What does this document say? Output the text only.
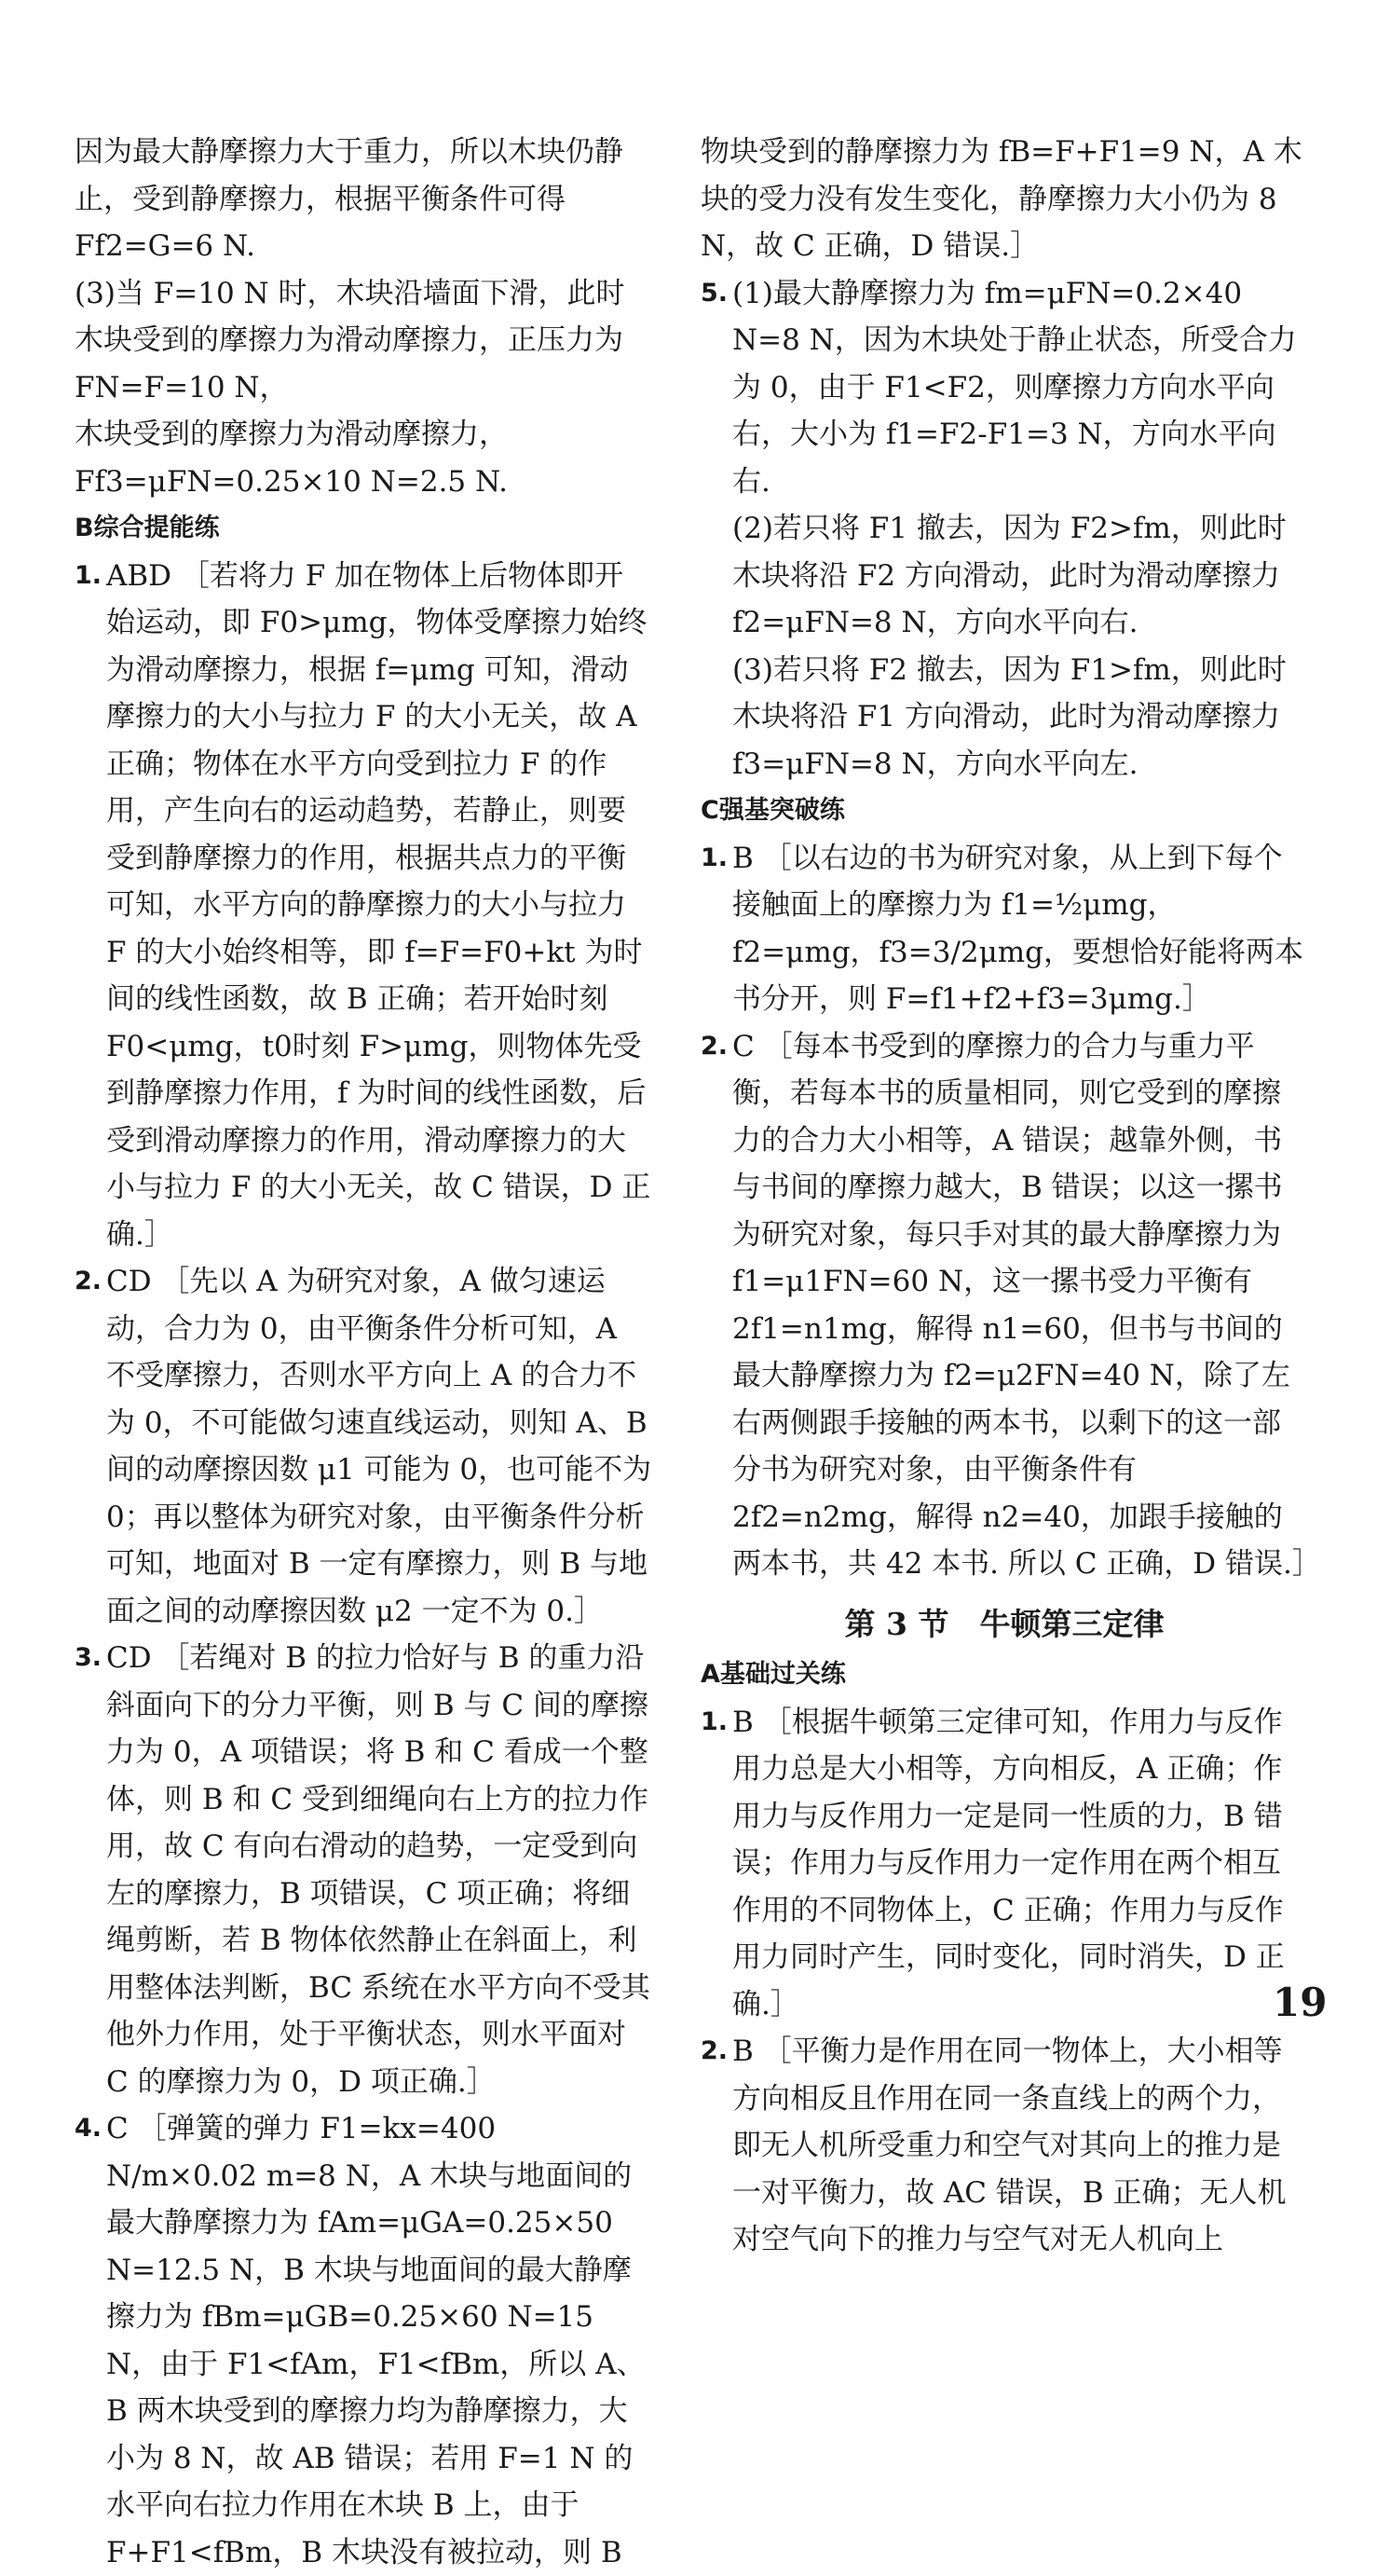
因为最大静摩擦力大于重力，所以木块仍静止，受到静摩擦力，根据平衡条件可得 Ff2=G=6 N.
(3)当 F=10 N 时，木块沿墙面下滑，此时木块受到的摩擦力为滑动摩擦力，正压力为 FN=F=10 N，
木块受到的摩擦力为滑动摩擦力，
Ff3=μFN=0.25×10 N=2.5 N.
B综合提能练
1. ABD ［若将力 F 加在物体上后物体即开始运动，即 F0>μmg，物体受摩擦力始终为滑动摩擦力，根据 f=μmg 可知，滑动摩擦力的大小与拉力 F 的大小无关，故 A 正确；物体在水平方向受到拉力 F 的作用，产生向右的运动趋势，若静止，则要受到静摩擦力的作用，根据共点力的平衡可知，水平方向的静摩擦力的大小与拉力 F 的大小始终相等，即 f=F=F0+kt 为时间的线性函数，故 B 正确；若开始时刻 F0<μmg，t0时刻 F>μmg，则物体先受到静摩擦力作用，f 为时间的线性函数，后受到滑动摩擦力的作用，滑动摩擦力的大小与拉力 F 的大小无关，故 C 错误，D 正确.］
2. CD ［先以 A 为研究对象，A 做匀速运动，合力为 0，由平衡条件分析可知，A 不受摩擦力，否则水平方向上 A 的合力不为 0，不可能做匀速直线运动，则知 A、B 间的动摩擦因数 μ1 可能为 0，也可能不为 0；再以整体为研究对象，由平衡条件分析可知，地面对 B 一定有摩擦力，则 B 与地面之间的动摩擦因数 μ2 一定不为 0.］
3. CD ［若绳对 B 的拉力恰好与 B 的重力沿斜面向下的分力平衡，则 B 与 C 间的摩擦力为 0，A 项错误；将 B 和 C 看成一个整体，则 B 和 C 受到细绳向右上方的拉力作用，故 C 有向右滑动的趋势，一定受到向左的摩擦力，B 项错误，C 项正确；将细绳剪断，若 B 物体依然静止在斜面上，利用整体法判断，BC 系统在水平方向不受其他外力作用，处于平衡状态，则水平面对 C 的摩擦力为 0，D 项正确.］
4. C ［弹簧的弹力 F1=kx=400 N/m×0.02 m=8 N，A 木块与地面间的最大静摩擦力为 fAm=μGA=0.25×50 N=12.5 N，B 木块与地面间的最大静摩擦力为 fBm=μGB=0.25×60 N=15 N，由于 F1<fAm，F1<fBm，所以 A、B 两木块受到的摩擦力均为静摩擦力，大小为 8 N，故 AB 错误；若用 F=1 N 的水平向右拉力作用在木块 B 上，由于 F+F1<fBm，B 木块没有被拉动，则 B
物块受到的静摩擦力为 fB=F+F1=9 N，A 木块的受力没有发生变化，静摩擦力大小仍为 8 N，故 C 正确，D 错误.］
5. (1)最大静摩擦力为 fm=μFN=0.2×40 N=8 N，因为木块处于静止状态，所受合力为 0，由于 F1<F2，则摩擦力方向水平向右，大小为 f1=F2-F1=3 N，方向水平向右.
(2)若只将 F1 撤去，因为 F2>fm，则此时木块将沿 F2 方向滑动，此时为滑动摩擦力 f2=μFN=8 N，方向水平向右.
(3)若只将 F2 撤去，因为 F1>fm，则此时木块将沿 F1 方向滑动，此时为滑动摩擦力 f3=μFN=8 N，方向水平向左.
C强基突破练
1. B ［以右边的书为研究对象，从上到下每个接触面上的摩擦力为 f1=½μmg，f2=μmg，f3=3/2μmg，要想恰好能将两本书分开，则 F=f1+f2+f3=3μmg.］
2. C ［每本书受到的摩擦力的合力与重力平衡，若每本书的质量相同，则它受到的摩擦力的合力大小相等，A 错误；越靠外侧，书与书间的摩擦力越大，B 错误；以这一摞书为研究对象，每只手对其的最大静摩擦力为 f1=μ1FN=60 N，这一摞书受力平衡有 2f1=n1mg，解得 n1=60，但书与书间的最大静摩擦力为 f2=μ2FN=40 N，除了左右两侧跟手接触的两本书，以剩下的这一部分书为研究对象，由平衡条件有 2f2=n2mg，解得 n2=40，加跟手接触的两本书，共 42 本书. 所以 C 正确，D 错误.］
第 3 节　牛顿第三定律
A基础过关练
1. B ［根据牛顿第三定律可知，作用力与反作用力总是大小相等，方向相反，A 正确；作用力与反作用力一定是同一性质的力，B 错误；作用力与反作用力一定作用在两个相互作用的不同物体上，C 正确；作用力与反作用力同时产生，同时变化，同时消失，D 正确.］
2. B ［平衡力是作用在同一物体上，大小相等方向相反且作用在同一条直线上的两个力，即无人机所受重力和空气对其向上的推力是一对平衡力，故 AC 错误，B 正确；无人机对空气向下的推力与空气对无人机向上
19
